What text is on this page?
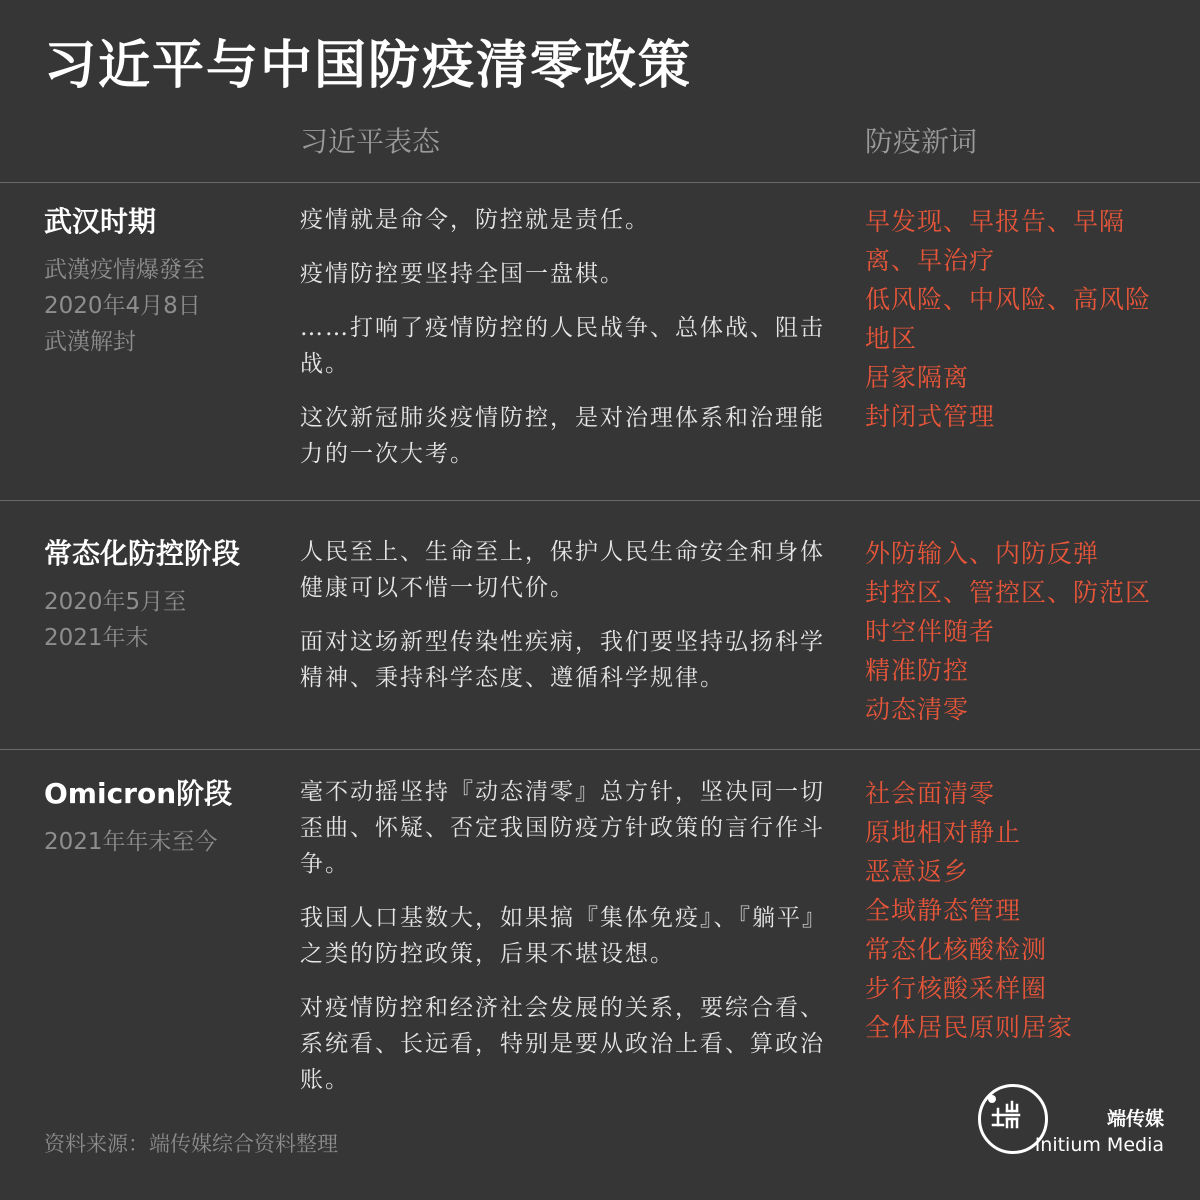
习近平与中国防疫清零政策
习近平表态	防疫新词
武汉时期
武漢疫情爆發至
2020年4月8日
武漢解封

疫情就是命令，防控就是责任。

疫情防控要坚持全国一盘棋。

……打响了疫情防控的人民战争、总体战、阻击战。

这次新冠肺炎疫情防控，是对治理体系和治理能力的一次大考。

早发现、早报告、早隔离、早治疗
低风险、中风险、高风险地区
居家隔离
封闭式管理
常态化防控阶段
2020年5月至
2021年末

人民至上、生命至上，保护人民生命安全和身体健康可以不惜一切代价。

面对这场新型传染性疾病，我们要坚持弘扬科学精神、秉持科学态度、遵循科学规律。

外防输入、内防反弹
封控区、管控区、防范区
时空伴随者
精准防控
动态清零
Omicron阶段
2021年年末至今

毫不动摇坚持『动态清零』总方针，坚决同一切歪曲、怀疑、否定我国防疫方针政策的言行作斗争。

我国人口基数大，如果搞『集体免疫』、『躺平』之类的防控政策，后果不堪设想。

对疫情防控和经济社会发展的关系，要综合看、系统看、长远看，特别是要从政治上看、算政治账。

社会面清零
原地相对静止
恶意返乡
全域静态管理
常态化核酸检测
步行核酸采样圈
全体居民原则居家
资料来源：端传媒综合资料整理
端传媒
Initium Media
